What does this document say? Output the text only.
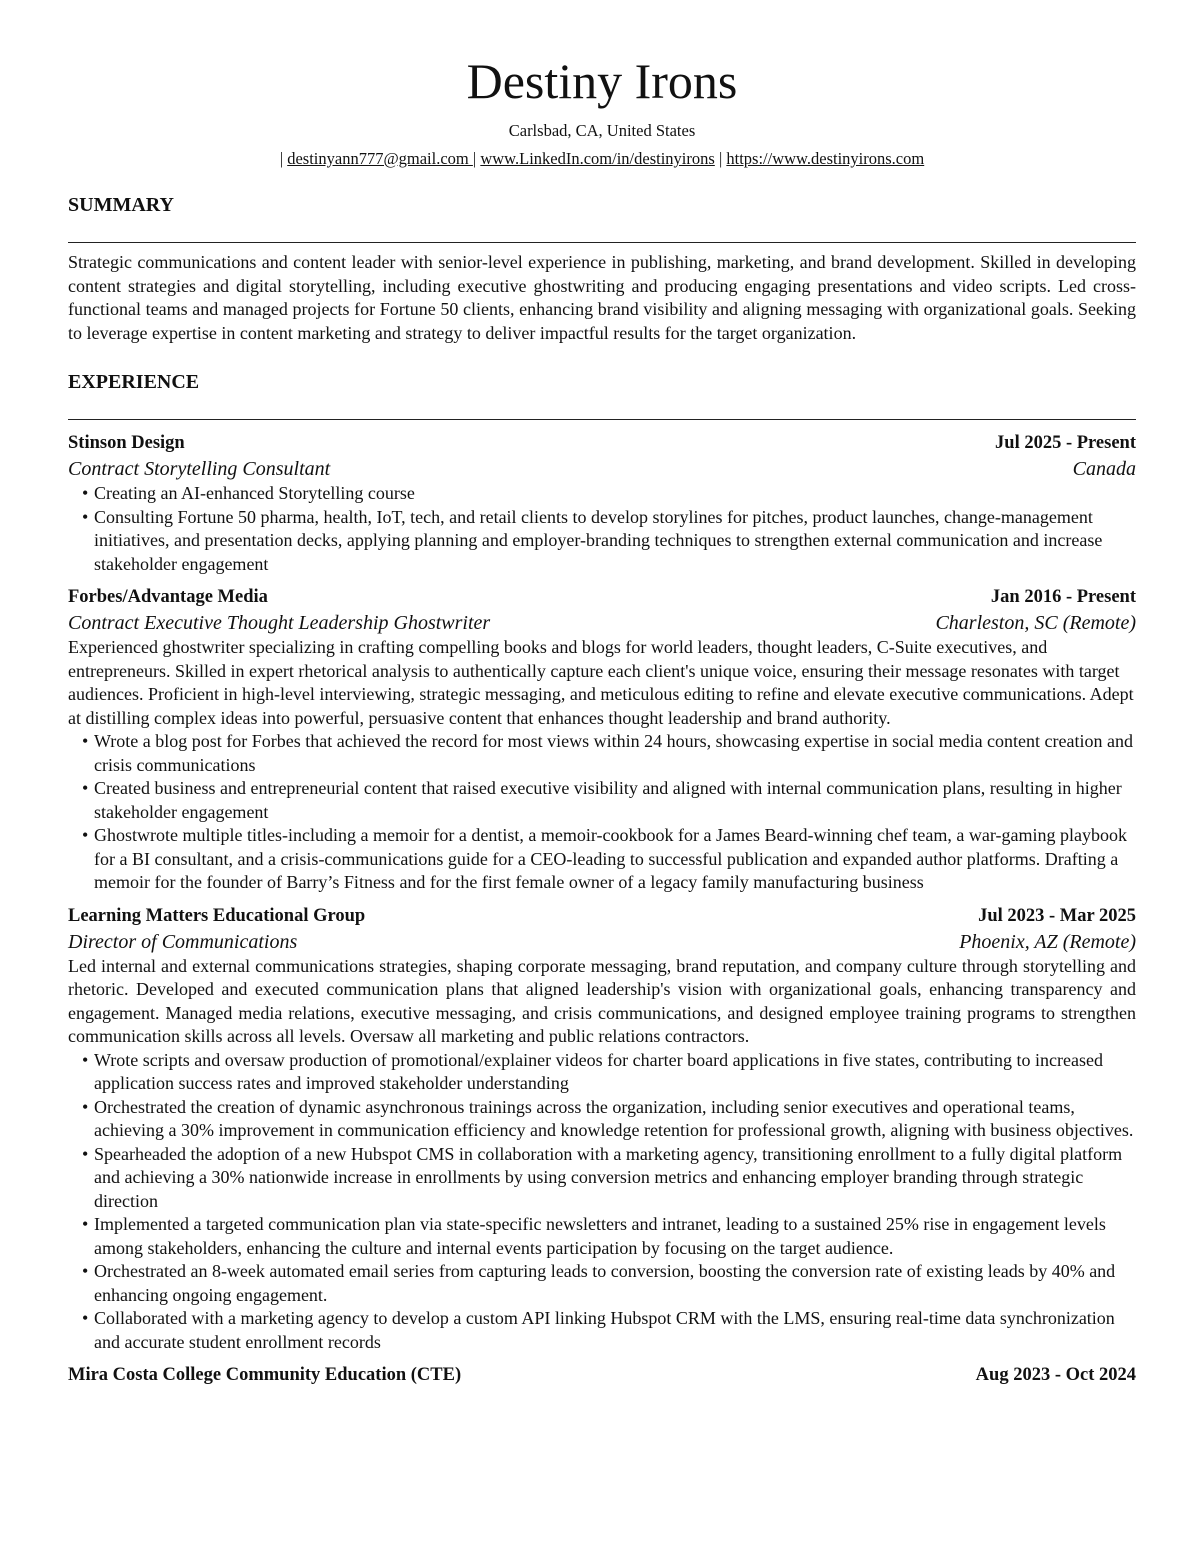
Destiny Irons
Carlsbad, CA, United States
| destinyann777@gmail.com | www.LinkedIn.com/in/destinyirons | https://www.destinyirons.com
SUMMARY
Strategic communications and content leader with senior-level experience in publishing, marketing, and brand development. Skilled in developing content strategies and digital storytelling, including executive ghostwriting and producing engaging presentations and video scripts. Led cross-functional teams and managed projects for Fortune 50 clients, enhancing brand visibility and aligning messaging with organizational goals. Seeking to leverage expertise in content marketing and strategy to deliver impactful results for the target organization.
EXPERIENCE
Stinson Design	Jul 2025 - Present
Contract Storytelling Consultant	Canada
• Creating an AI-enhanced Storytelling course
• Consulting Fortune 50 pharma, health, IoT, tech, and retail clients to develop storylines for pitches, product launches, change-management initiatives, and presentation decks, applying planning and employer-branding techniques to strengthen external communication and increase stakeholder engagement
Forbes/Advantage Media	Jan 2016 - Present
Contract Executive Thought Leadership Ghostwriter	Charleston, SC (Remote)
Experienced ghostwriter specializing in crafting compelling books and blogs for world leaders, thought leaders, C-Suite executives, and entrepreneurs. Skilled in expert rhetorical analysis to authentically capture each client's unique voice, ensuring their message resonates with target audiences. Proficient in high-level interviewing, strategic messaging, and meticulous editing to refine and elevate executive communications. Adept at distilling complex ideas into powerful, persuasive content that enhances thought leadership and brand authority.
• Wrote a blog post for Forbes that achieved the record for most views within 24 hours, showcasing expertise in social media content creation and crisis communications
• Created business and entrepreneurial content that raised executive visibility and aligned with internal communication plans, resulting in higher stakeholder engagement
• Ghostwrote multiple titles-including a memoir for a dentist, a memoir-cookbook for a James Beard-winning chef team, a war-gaming playbook for a BI consultant, and a crisis-communications guide for a CEO-leading to successful publication and expanded author platforms. Drafting a memoir for the founder of Barry’s Fitness and for the first female owner of a legacy family manufacturing business
Learning Matters Educational Group	Jul 2023 - Mar 2025
Director of Communications	Phoenix, AZ (Remote)
Led internal and external communications strategies, shaping corporate messaging, brand reputation, and company culture through storytelling and rhetoric. Developed and executed communication plans that aligned leadership's vision with organizational goals, enhancing transparency and engagement. Managed media relations, executive messaging, and crisis communications, and designed employee training programs to strengthen communication skills across all levels. Oversaw all marketing and public relations contractors.
• Wrote scripts and oversaw production of promotional/explainer videos for charter board applications in five states, contributing to increased application success rates and improved stakeholder understanding
• Orchestrated the creation of dynamic asynchronous trainings across the organization, including senior executives and operational teams, achieving a 30% improvement in communication efficiency and knowledge retention for professional growth, aligning with business objectives.
• Spearheaded the adoption of a new Hubspot CMS in collaboration with a marketing agency, transitioning enrollment to a fully digital platform and achieving a 30% nationwide increase in enrollments by using conversion metrics and enhancing employer branding through strategic direction
• Implemented a targeted communication plan via state-specific newsletters and intranet, leading to a sustained 25% rise in engagement levels among stakeholders, enhancing the culture and internal events participation by focusing on the target audience.
• Orchestrated an 8-week automated email series from capturing leads to conversion, boosting the conversion rate of existing leads by 40% and enhancing ongoing engagement.
• Collaborated with a marketing agency to develop a custom API linking Hubspot CRM with the LMS, ensuring real-time data synchronization and accurate student enrollment records
Mira Costa College Community Education (CTE)	Aug 2023 - Oct 2024
